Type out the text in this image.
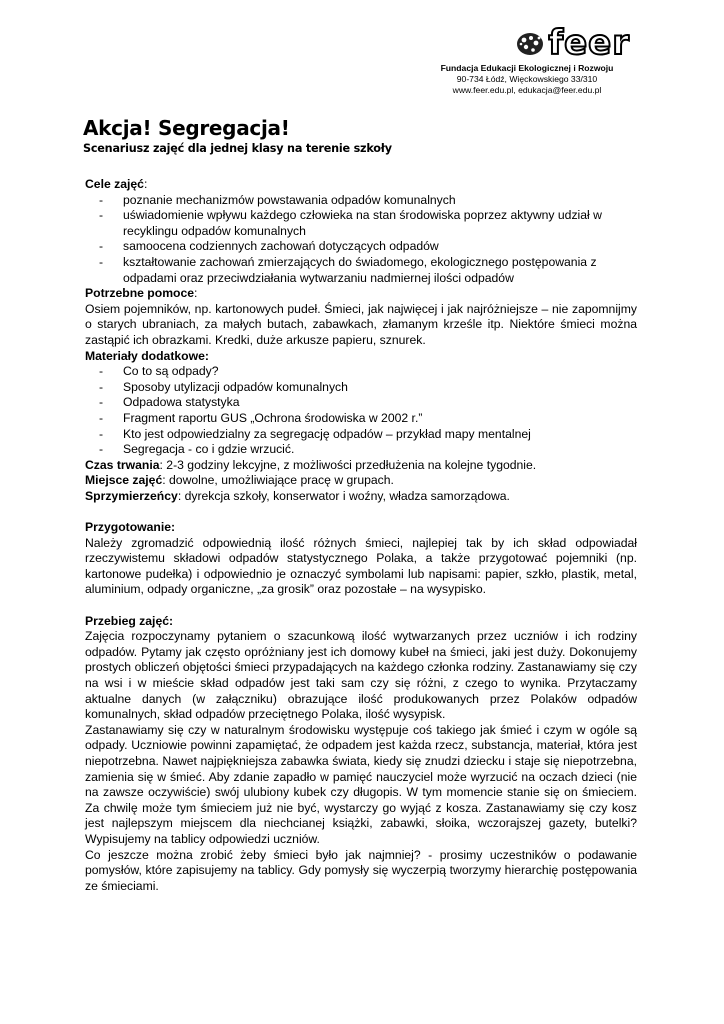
feer
Fundacja Edukacji Ekologicznej i Rozwoju
90-734 Łódź, Więckowskiego 33/310
www.feer.edu.pl, edukacja@feer.edu.pl
Akcja! Segregacja!
Scenariusz zajęć dla jednej klasy na terenie szkoły

Cele zajęć:

- poznanie mechanizmów powstawania odpadów komunalnych
- uświadomienie wpływu każdego człowieka na stan środowiska poprzez aktywny udział w recyklingu odpadów komunalnych
- samoocena codziennych zachowań dotyczących odpadów
- kształtowanie zachowań zmierzających do świadomego, ekologicznego postępowania z odpadami oraz przeciwdziałania wytwarzaniu nadmiernej ilości odpadów

Potrzebne pomoce:

Osiem pojemników, np. kartonowych pudeł. Śmieci, jak najwięcej i jak najróżniejsze – nie zapomnijmy o starych ubraniach, za małych butach, zabawkach, złamanym krześle itp. Niektóre śmieci można zastąpić ich obrazkami. Kredki, duże arkusze papieru, sznurek.

Materiały dodatkowe:

- Co to są odpady?
- Sposoby utylizacji odpadów komunalnych
- Odpadowa statystyka
- Fragment raportu GUS „Ochrona środowiska w 2002 r.”
- Kto jest odpowiedzialny za segregację odpadów – przykład mapy mentalnej
- Segregacja - co i gdzie wrzucić.

Czas trwania: 2-3 godziny lekcyjne, z możliwości przedłużenia na kolejne tygodnie.

Miejsce zajęć: dowolne, umożliwiające pracę w grupach.

Sprzymierzeńcy: dyrekcja szkoły, konserwator i woźny, władza samorządowa.

Przygotowanie:

Należy zgromadzić odpowiednią ilość różnych śmieci, najlepiej tak by ich skład odpowiadał rzeczywistemu składowi odpadów statystycznego Polaka, a także przygotować pojemniki (np. kartonowe pudełka) i odpowiednio je oznaczyć symbolami lub napisami: papier, szkło, plastik, metal, aluminium, odpady organiczne, „za grosik” oraz pozostałe – na wysypisko.

Przebieg zajęć:

Zajęcia rozpoczynamy pytaniem o szacunkową ilość wytwarzanych przez uczniów i ich rodziny odpadów. Pytamy jak często opróżniany jest ich domowy kubeł na śmieci, jaki jest duży. Dokonujemy prostych obliczeń objętości śmieci przypadających na każdego członka rodziny. Zastanawiamy się czy na wsi i w mieście skład odpadów jest taki sam czy się różni, z czego to wynika. Przytaczamy aktualne danych (w załączniku) obrazujące ilość produkowanych przez Polaków odpadów komunalnych, skład odpadów przeciętnego Polaka, ilość wysypisk.

Zastanawiamy się czy w naturalnym środowisku występuje coś takiego jak śmieć i czym w ogóle są odpady. Uczniowie powinni zapamiętać, że odpadem jest każda rzecz, substancja, materiał, która jest niepotrzebna. Nawet najpiękniejsza zabawka świata, kiedy się znudzi dziecku i staje się niepotrzebna, zamienia się w śmieć. Aby zdanie zapadło w pamięć nauczyciel może wyrzucić na oczach dzieci (nie na zawsze oczywiście) swój ulubiony kubek czy długopis. W tym momencie stanie się on śmieciem. Za chwilę może tym śmieciem już nie być, wystarczy go wyjąć z kosza. Zastanawiamy się czy kosz jest najlepszym miejscem dla niechcianej książki, zabawki, słoika, wczorajszej gazety, butelki? Wypisujemy na tablicy odpowiedzi uczniów.

Co jeszcze można zrobić żeby śmieci było jak najmniej? - prosimy uczestników o podawanie pomysłów, które zapisujemy na tablicy. Gdy pomysły się wyczerpią tworzymy hierarchię postępowania ze śmieciami.
